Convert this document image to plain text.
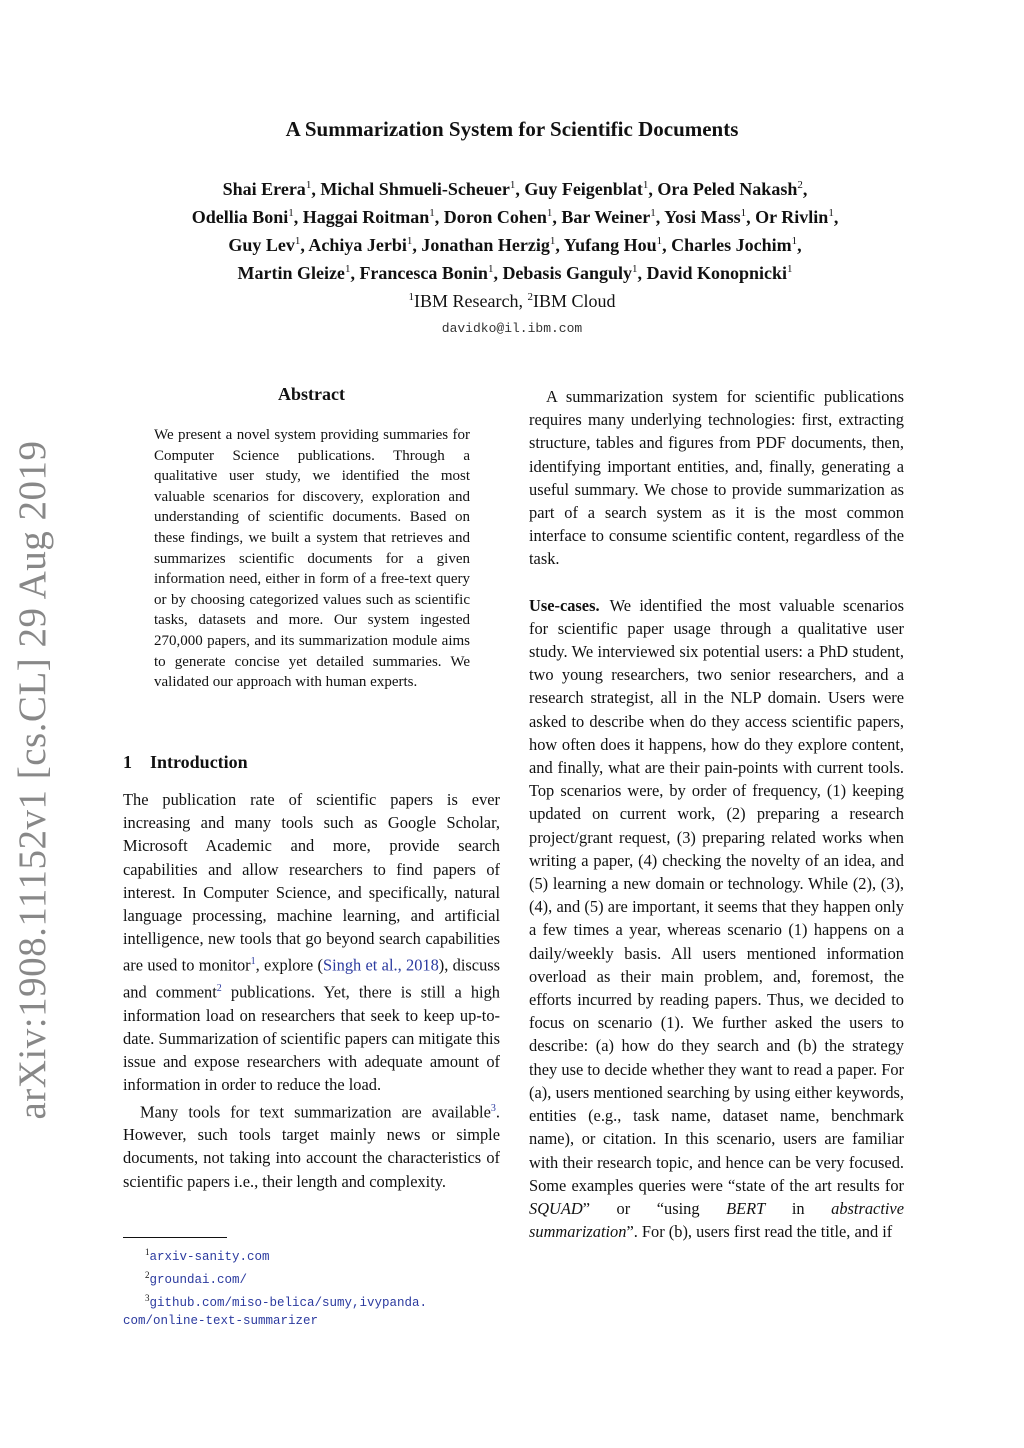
arXiv:1908.11152v1 [cs.CL] 29 Aug 2019
A Summarization System for Scientific Documents
Shai Erera$^1$, Michal Shmueli-Scheuer$^1$, Guy Feigenblat$^1$, Ora Peled Nakash$^2$,
Odellia Boni$^1$, Haggai Roitman$^1$, Doron Cohen$^1$, Bar Weiner$^1$, Yosi Mass$^1$, Or Rivlin$^1$,
Guy Lev$^1$, Achiya Jerbi$^1$, Jonathan Herzig$^1$, Yufang Hou$^1$, Charles Jochim$^1$,
Martin Gleize$^1$, Francesca Bonin$^1$, Debasis Ganguly$^1$, David Konopnicki$^1$
$^1$IBM Research, $^2$IBM Cloud
davidko@il.ibm.com
Abstract
We present a novel system providing summaries for Computer Science publications. Through a qualitative user study, we identified the most valuable scenarios for discovery, exploration and understanding of scientific documents. Based on these findings, we built a system that retrieves and summarizes scientific documents for a given information need, either in form of a free-text query or by choosing categorized values such as scientific tasks, datasets and more. Our system ingested 270,000 papers, and its summarization module aims to generate concise yet detailed summaries. We validated our approach with human experts.
1 Introduction

The publication rate of scientific papers is ever increasing and many tools such as Google Scholar, Microsoft Academic and more, provide search capabilities and allow researchers to find papers of interest. In Computer Science, and specifically, natural language processing, machine learning, and artificial intelligence, new tools that go beyond search capabilities are used to monitor$^1$, explore (Singh et al., 2018), discuss and comment$^2$ publications. Yet, there is still a high information load on researchers that seek to keep up-to-date. Summarization of scientific papers can mitigate this issue and expose researchers with adequate amount of information in order to reduce the load.

Many tools for text summarization are available$^3$. However, such tools target mainly news or simple documents, not taking into account the characteristics of scientific papers i.e., their length and complexity.

A summarization system for scientific publications requires many underlying technologies: first, extracting structure, tables and figures from PDF documents, then, identifying important entities, and, finally, generating a useful summary. We chose to provide summarization as part of a search system as it is the most common interface to consume scientific content, regardless of the task.

Use-cases. We identified the most valuable scenarios for scientific paper usage through a qualitative user study. We interviewed six potential users: a PhD student, two young researchers, two senior researchers, and a research strategist, all in the NLP domain. Users were asked to describe when do they access scientific papers, how often does it happens, how do they explore content, and finally, what are their pain-points with current tools. Top scenarios were, by order of frequency, (1) keeping updated on current work, (2) preparing a research project/grant request, (3) preparing related works when writing a paper, (4) checking the novelty of an idea, and (5) learning a new domain or technology. While (2), (3), (4), and (5) are important, it seems that they happen only a few times a year, whereas scenario (1) happens on a daily/weekly basis. All users mentioned information overload as their main problem, and, foremost, the efforts incurred by reading papers. Thus, we decided to focus on scenario (1). We further asked the users to describe: (a) how do they search and (b) the strategy they use to decide whether they want to read a paper. For (a), users mentioned searching by using either keywords, entities (e.g., task name, dataset name, benchmark name), or citation. In this scenario, users are familiar with their research topic, and hence can be very focused. Some examples queries were “state of the art results for SQUAD” or “using BERT in abstractive summarization”. For (b), users first read the title, and if

$^1$arxiv-sanity.com
$^2$groundai.com/
$^3$github.com/miso-belica/sumy,ivypanda.
com/online-text-summarizer
